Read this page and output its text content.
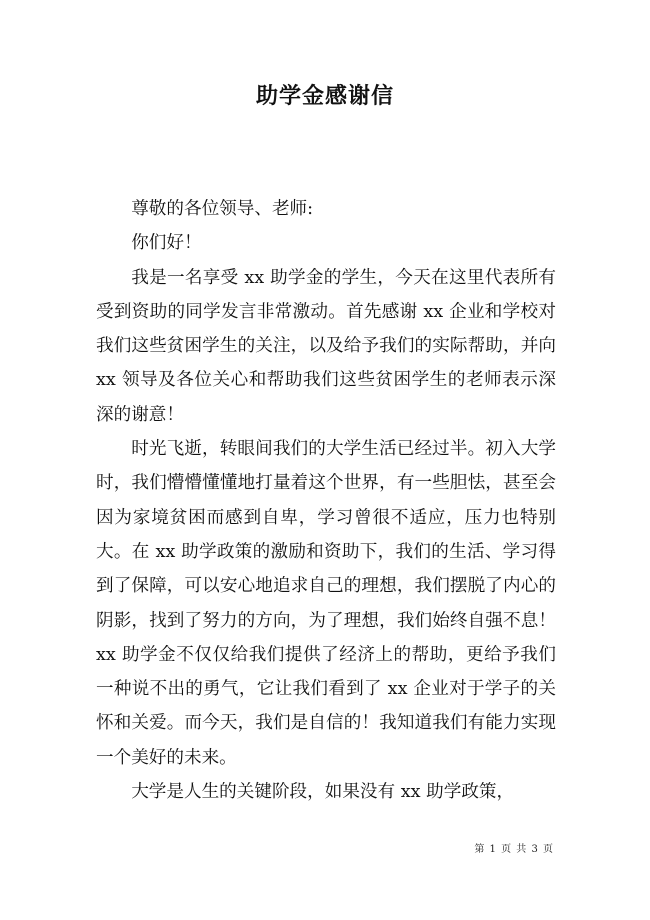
助学金感谢信

尊敬的各位领导、老师:

你们好！

我是一名享受 xx 助学金的学生，今天在这里代表所有受到资助的同学发言非常激动。首先感谢 xx 企业和学校对我们这些贫困学生的关注，以及给予我们的实际帮助，并向 xx 领导及各位关心和帮助我们这些贫困学生的老师表示深深的谢意！

时光飞逝，转眼间我们的大学生活已经过半。初入大学时，我们懵懵懂懂地打量着这个世界，有一些胆怯，甚至会因为家境贫困而感到自卑，学习曾很不适应，压力也特别大。在 xx 助学政策的激励和资助下，我们的生活、学习得到了保障，可以安心地追求自己的理想，我们摆脱了内心的阴影，找到了努力的方向，为了理想，我们始终自强不息！xx 助学金不仅仅给我们提供了经济上的帮助，更给予我们一种说不出的勇气，它让我们看到了 xx 企业对于学子的关怀和关爱。而今天，我们是自信的！我知道我们有能力实现一个美好的未来。

大学是人生的关键阶段，如果没有 xx 助学政策，

第 1 页 共 3 页
